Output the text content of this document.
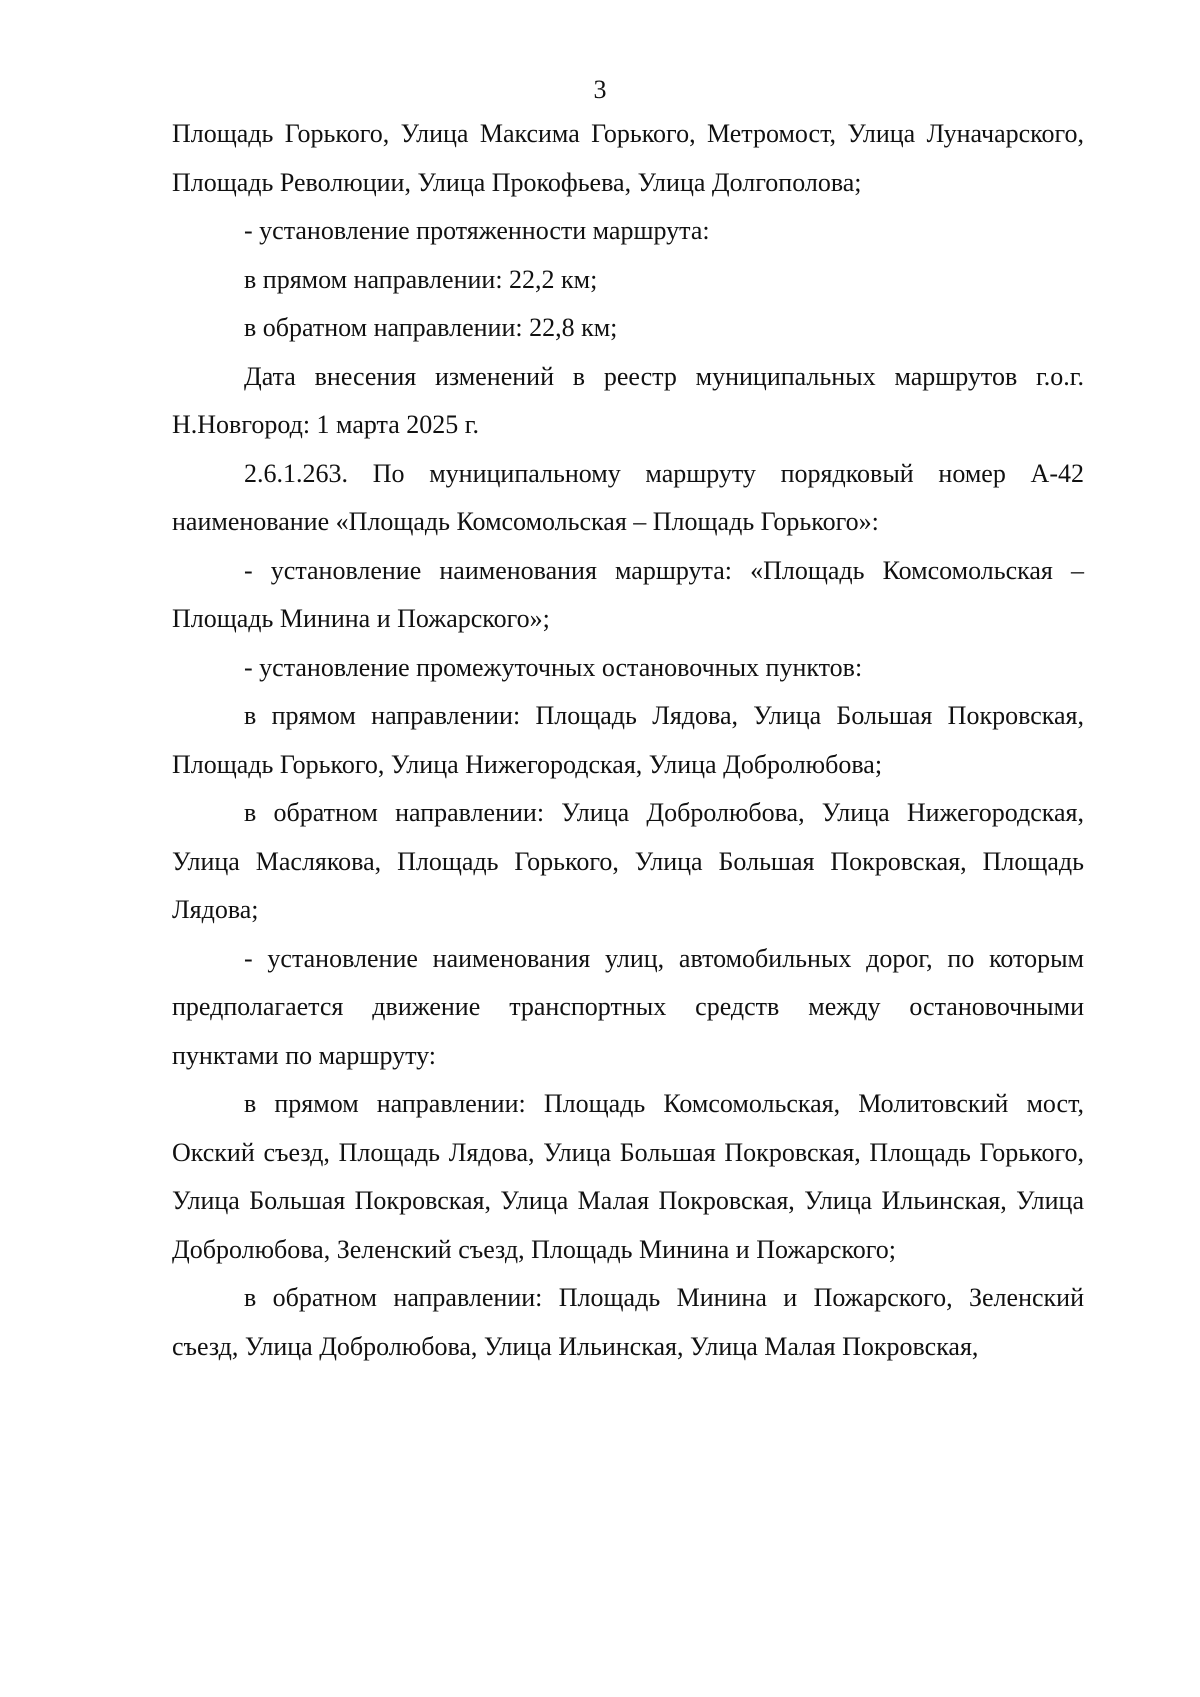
3

Площадь Горького, Улица Максима Горького, Метромост, Улица Луначарского, Площадь Революции, Улица Прокофьева, Улица Долгополова;

- установление протяженности маршрута:

в прямом направлении: 22,2 км;

в обратном направлении: 22,8 км;

Дата внесения изменений в реестр муниципальных маршрутов г.о.г. Н.Новгород: 1 марта 2025 г.

2.6.1.263. По муниципальному маршруту порядковый номер А-42 наименование «Площадь Комсомольская – Площадь Горького»:

- установление наименования маршрута: «Площадь Комсомольская – Площадь Минина и Пожарского»;

- установление промежуточных остановочных пунктов:

в прямом направлении: Площадь Лядова, Улица Большая Покровская, Площадь Горького, Улица Нижегородская, Улица Добролюбова;

в обратном направлении: Улица Добролюбова, Улица Нижегородская, Улица Маслякова, Площадь Горького, Улица Большая Покровская, Площадь Лядова;

- установление наименования улиц, автомобильных дорог, по которым предполагается движение транспортных средств между остановочными пунктами по маршруту:

в прямом направлении: Площадь Комсомольская, Молитовский мост, Окский съезд, Площадь Лядова, Улица Большая Покровская, Площадь Горького, Улица Большая Покровская, Улица Малая Покровская, Улица Ильинская, Улица Добролюбова, Зеленский съезд, Площадь Минина и Пожарского;

в обратном направлении: Площадь Минина и Пожарского, Зеленский съезд, Улица Добролюбова, Улица Ильинская, Улица Малая Покровская,
